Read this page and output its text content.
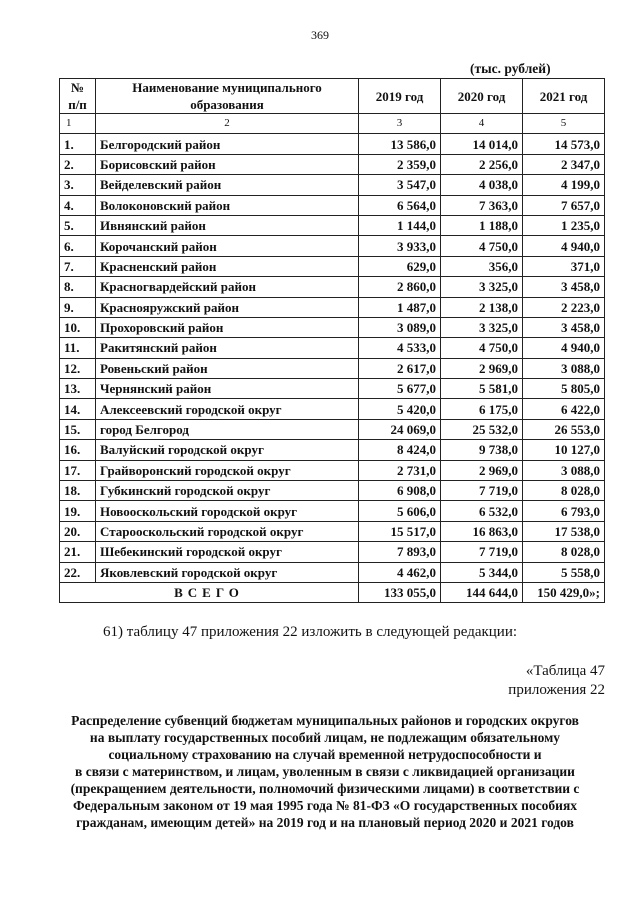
369
(тыс. рублей)
№ п/п	Наименование муниципального образования	2019 год	2020 год	2021 год
1	2	3	4	5
1.	Белгородский район	13 586,0	14 014,0	14 573,0
2.	Борисовский район	2 359,0	2 256,0	2 347,0
3.	Вейделевский район	3 547,0	4 038,0	4 199,0
4.	Волоконовский район	6 564,0	7 363,0	7 657,0
5.	Ивнянский район	1 144,0	1 188,0	1 235,0
6.	Корочанский район	3 933,0	4 750,0	4 940,0
7.	Красненский район	629,0	356,0	371,0
8.	Красногвардейский район	2 860,0	3 325,0	3 458,0
9.	Краснояружский район	1 487,0	2 138,0	2 223,0
10.	Прохоровский район	3 089,0	3 325,0	3 458,0
11.	Ракитянский район	4 533,0	4 750,0	4 940,0
12.	Ровеньский район	2 617,0	2 969,0	3 088,0
13.	Чернянский район	5 677,0	5 581,0	5 805,0
14.	Алексеевский городской округ	5 420,0	6 175,0	6 422,0
15.	город Белгород	24 069,0	25 532,0	26 553,0
16.	Валуйский городской округ	8 424,0	9 738,0	10 127,0
17.	Грайворонский городской округ	2 731,0	2 969,0	3 088,0
18.	Губкинский городской округ	6 908,0	7 719,0	8 028,0
19.	Новооскольский городской округ	5 606,0	6 532,0	6 793,0
20.	Старооскольский городской округ	15 517,0	16 863,0	17 538,0
21.	Шебекинский городской округ	7 893,0	7 719,0	8 028,0
22.	Яковлевский городской округ	4 462,0	5 344,0	5 558,0
ВСЕГО		133 055,0	144 644,0	150 429,0»;
61) таблицу 47 приложения 22 изложить в следующей редакции:
«Таблица 47
приложения 22
Распределение субвенций бюджетам муниципальных районов и городских округов
на выплату государственных пособий лицам, не подлежащим обязательному
социальному страхованию на случай временной нетрудоспособности и
в связи с материнством, и лицам, уволенным в связи с ликвидацией организации
(прекращением деятельности, полномочий физическими лицами) в соответствии с
Федеральным законом от 19 мая 1995 года № 81-ФЗ «О государственных пособиях
гражданам, имеющим детей» на 2019 год и на плановый период 2020 и 2021 годов
